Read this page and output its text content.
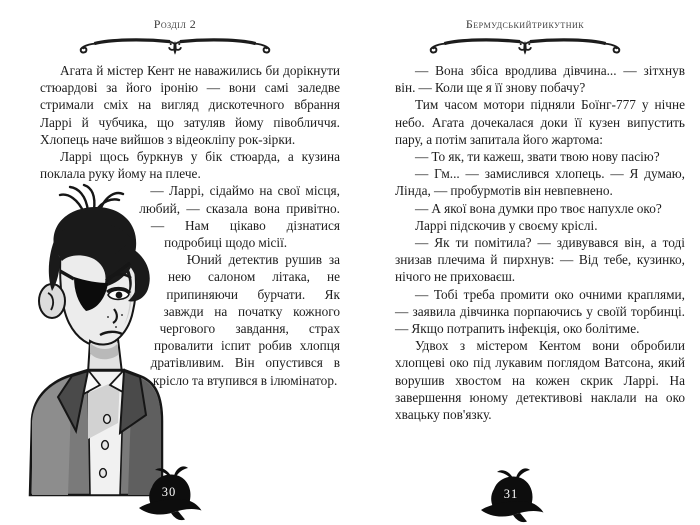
Розділ 2

Агата й містер Кент не наважились би дорікнути стюардові за його іронію — вони самі заледве стримали сміх на вигляд дискотечного вбрання Ларрі й чубчика, що затуляв йому півобличчя. Хлопець наче вийшов з відеокліпу рок-зірки.

Ларрі щось буркнув у бік стюарда, а кузина поклала руку йому на плече.

— Ларрі, сідаймо на свої місця, любий, — сказала вона привітно. — Нам цікаво дізнатися подробиці щодо місії.

Юний детектив рушив за нею салоном літака, не припиняючи бурчати. Як завжди на початку кожного чергового завдання, страх провалити іспит робив хлопця дратівливим. Він опустився в крісло та втупився в ілюмінатор.

30
Бермудськийтрикутник

— Вона збіса вродлива дівчина... — зітхнув він. — Коли ще я її знову побачу?

Тим часом мотори підняли Боїнг-777 у нічне небо. Агата дочекалася доки її кузен випустить пару, а потім запитала його жартома:

— То як, ти кажеш, звати твою нову пасію?

— Гм... — замислився хлопець. — Я думаю, Лінда, — пробурмотів він невпевнено.

— А якої вона думки про твоє напухле око?

Ларрі підскочив у своєму кріслі.

— Як ти помітила? — здивувався він, а тоді знизав плечима й пирхнув: — Від тебе, кузинко, нічого не приховаєш.

— Тобі треба промити око очними краплями, — заявила дівчинка порпаючись у своїй торбинці. — Якщо потрапить інфекція, око болітиме.

Удвох з містером Кентом вони обробили хлопцеві око під лукавим поглядом Ватсона, який ворушив хвостом на кожен скрик Ларрі. На завершення юному детективові наклали на око хвацьку пов'язку.

31
